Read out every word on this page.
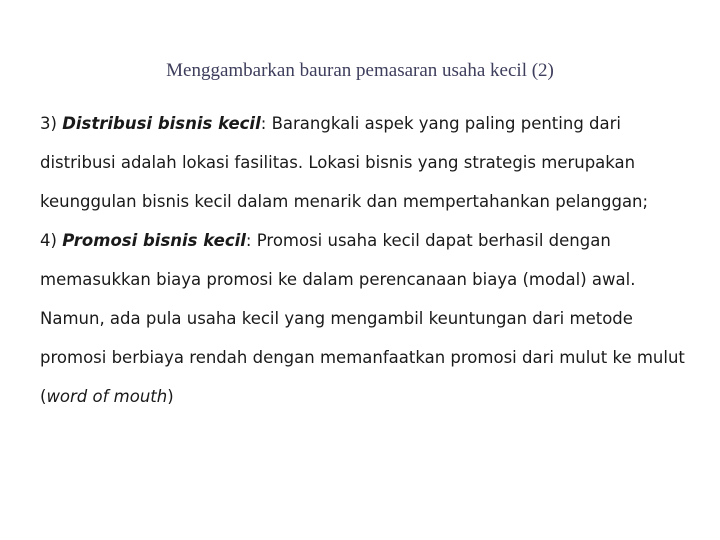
Menggambarkan bauran pemasaran usaha kecil (2)

3) Distribusi bisnis kecil: Barangkali aspek yang paling penting dari distribusi adalah lokasi fasilitas. Lokasi bisnis yang strategis merupakan keunggulan bisnis kecil dalam menarik dan mempertahankan pelanggan;

4) Promosi bisnis kecil: Promosi usaha kecil dapat berhasil dengan memasukkan biaya promosi ke dalam perencanaan biaya (modal) awal. Namun, ada pula usaha kecil yang mengambil keuntungan dari metode promosi berbiaya rendah dengan memanfaatkan promosi dari mulut ke mulut (word of mouth)
